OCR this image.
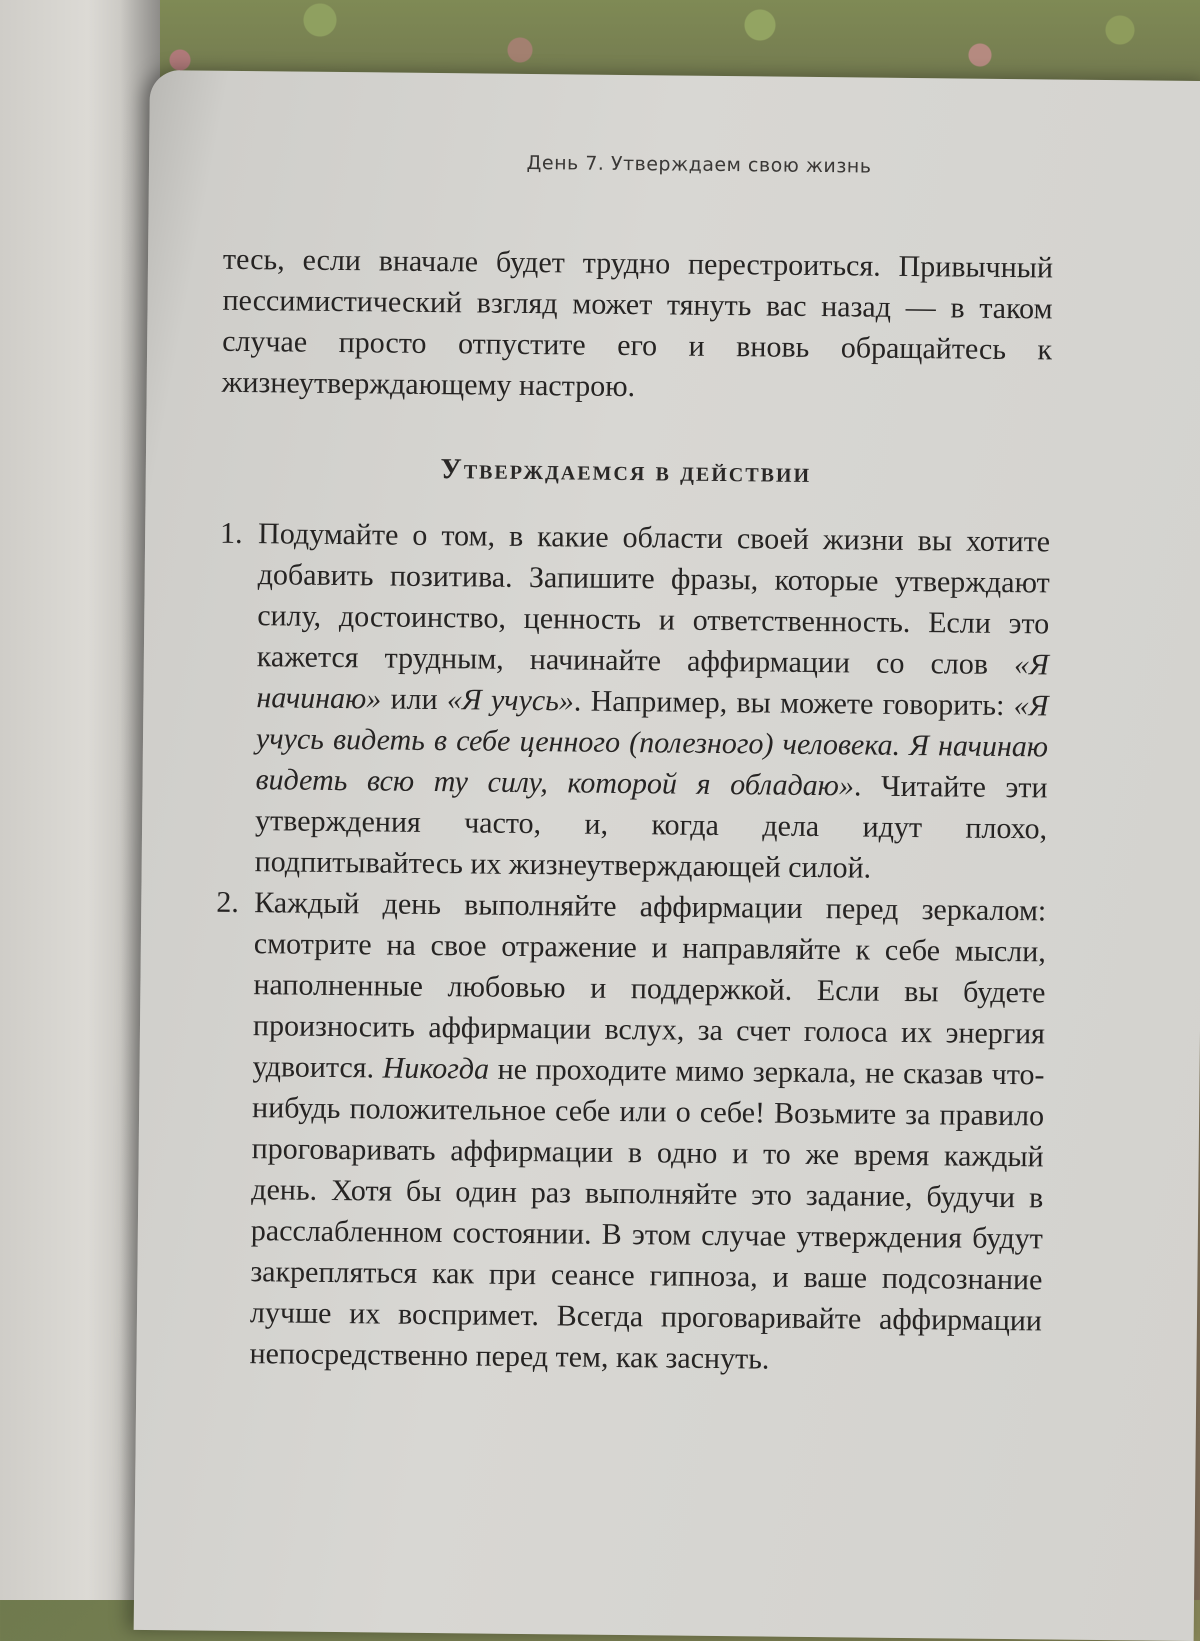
День 7. Утверждаем свою жизнь

тесь, если вначале будет трудно перестроиться. Привычный пессимистический взгляд может тянуть вас назад — в таком случае просто отпустите его и вновь обращайтесь к жизнеутверждающему настрою.

Утверждаемся в действии
1. Подумайте о том, в какие области своей жизни вы хотите добавить позитива. Запишите фразы, которые утверждают силу, достоинство, ценность и ответственность. Если это кажется трудным, начинайте аффирмации со слов «Я начинаю» или «Я учусь». Например, вы можете говорить: «Я учусь видеть в себе ценного (полезного) человека. Я начинаю видеть всю ту силу, которой я обладаю». Читайте эти утверждения часто, и, когда дела идут плохо, подпитывайтесь их жизнеутверждающей силой.
2. Каждый день выполняйте аффирмации перед зеркалом: смотрите на свое отражение и направляйте к себе мысли, наполненные любовью и поддержкой. Если вы будете произносить аффирмации вслух, за счет голоса их энергия удвоится. Никогда не проходите мимо зеркала, не сказав что-нибудь положительное себе или о себе! Возьмите за правило проговаривать аффирмации в одно и то же время каждый день. Хотя бы один раз выполняйте это задание, будучи в расслабленном состоянии. В этом случае утверждения будут закрепляться как при сеансе гипноза, и ваше подсознание лучше их воспримет. Всегда проговаривайте аффирмации непосредственно перед тем, как заснуть.
